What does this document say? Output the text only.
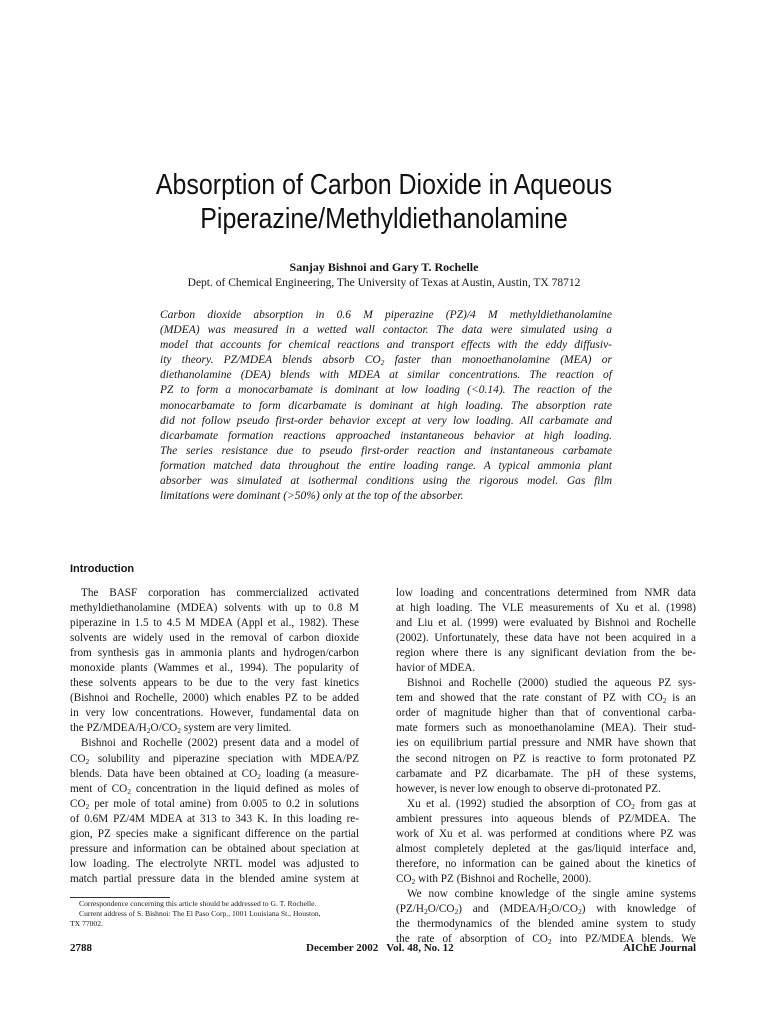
Absorption of Carbon Dioxide in Aqueous
Piperazine/Methyldiethanolamine
Sanjay Bishnoi and Gary T. Rochelle
Dept. of Chemical Engineering, The University of Texas at Austin, Austin, TX 78712
Carbon dioxide absorption in 0.6 M piperazine (PZ)/4 M methyldiethanolamine
(MDEA) was measured in a wetted wall contactor. The data were simulated using a
model that accounts for chemical reactions and transport effects with the eddy diffusiv-
ity theory. PZ/MDEA blends absorb $CO_2$ faster than monoethanolamine (MEA) or
diethanolamine (DEA) blends with MDEA at similar concentrations. The reaction of
PZ to form a monocarbamate is dominant at low loading (<0.14). The reaction of the
monocarbamate to form dicarbamate is dominant at high loading. The absorption rate
did not follow pseudo first-order behavior except at very low loading. All carbamate and
dicarbamate formation reactions approached instantaneous behavior at high loading.
The series resistance due to pseudo first-order reaction and instantaneous carbamate
formation matched data throughout the entire loading range. A typical ammonia plant
absorber was simulated at isothermal conditions using the rigorous model. Gas film
limitations were dominant (>50%) only at the top of the absorber.
Introduction
The BASF corporation has commercialized activated
methyldiethanolamine (MDEA) solvents with up to 0.8 M
piperazine in 1.5 to 4.5 M MDEA (Appl et al., 1982). These
solvents are widely used in the removal of carbon dioxide
from synthesis gas in ammonia plants and hydrogen/carbon
monoxide plants (Wammes et al., 1994). The popularity of
these solvents appears to be due to the very fast kinetics
(Bishnoi and Rochelle, 2000) which enables PZ to be added
in very low concentrations. However, fundamental data on
the $PZ/MDEA/H_2O/CO_2$ system are very limited.
Bishnoi and Rochelle (2002) present data and a model of
$CO_2$ solubility and piperazine speciation with MDEA/PZ
blends. Data have been obtained at $CO_2$ loading (a measure-
ment of $CO_2$ concentration in the liquid defined as moles of
$CO_2$ per mole of total amine) from 0.005 to 0.2 in solutions
of 0.6M PZ/4M MDEA at 313 to 343 K. In this loading re-
gion, PZ species make a significant difference on the partial
pressure and information can be obtained about speciation at
low loading. The electrolyte NRTL model was adjusted to
match partial pressure data in the blended amine system at
low loading and concentrations determined from NMR data
at high loading. The VLE measurements of Xu et al. (1998)
and Liu et al. (1999) were evaluated by Bishnoi and Rochelle
(2002). Unfortunately, these data have not been acquired in a
region where there is any significant deviation from the be-
havior of MDEA.
Bishnoi and Rochelle (2000) studied the aqueous PZ sys-
tem and showed that the rate constant of PZ with $CO_2$ is an
order of magnitude higher than that of conventional carba-
mate formers such as monoethanolamine (MEA). Their stud-
ies on equilibrium partial pressure and NMR have shown that
the second nitrogen on PZ is reactive to form protonated PZ
carbamate and PZ dicarbamate. The pH of these systems,
however, is never low enough to observe di-protonated PZ.
Xu et al. (1992) studied the absorption of $CO_2$ from gas at
ambient pressures into aqueous blends of PZ/MDEA. The
work of Xu et al. was performed at conditions where PZ was
almost completely depleted at the gas/liquid interface and,
therefore, no information can be gained about the kinetics of
$CO_2$ with PZ (Bishnoi and Rochelle, 2000).
We now combine knowledge of the single amine systems
$(PZ/H_2O/CO_2)$ and $(MDEA/H_2O/CO_2)$ with knowledge of
the thermodynamics of the blended amine system to study
the rate of absorption of $CO_2$ into PZ/MDEA blends. We
Correspondence concerning this article should be addressed to G. T. Rochelle.
Current address of S. Bishnoi: The El Paso Corp., 1001 Louisiana St., Houston,
TX 77002.
2788	December 2002   Vol. 48, No. 12	AIChE Journal
